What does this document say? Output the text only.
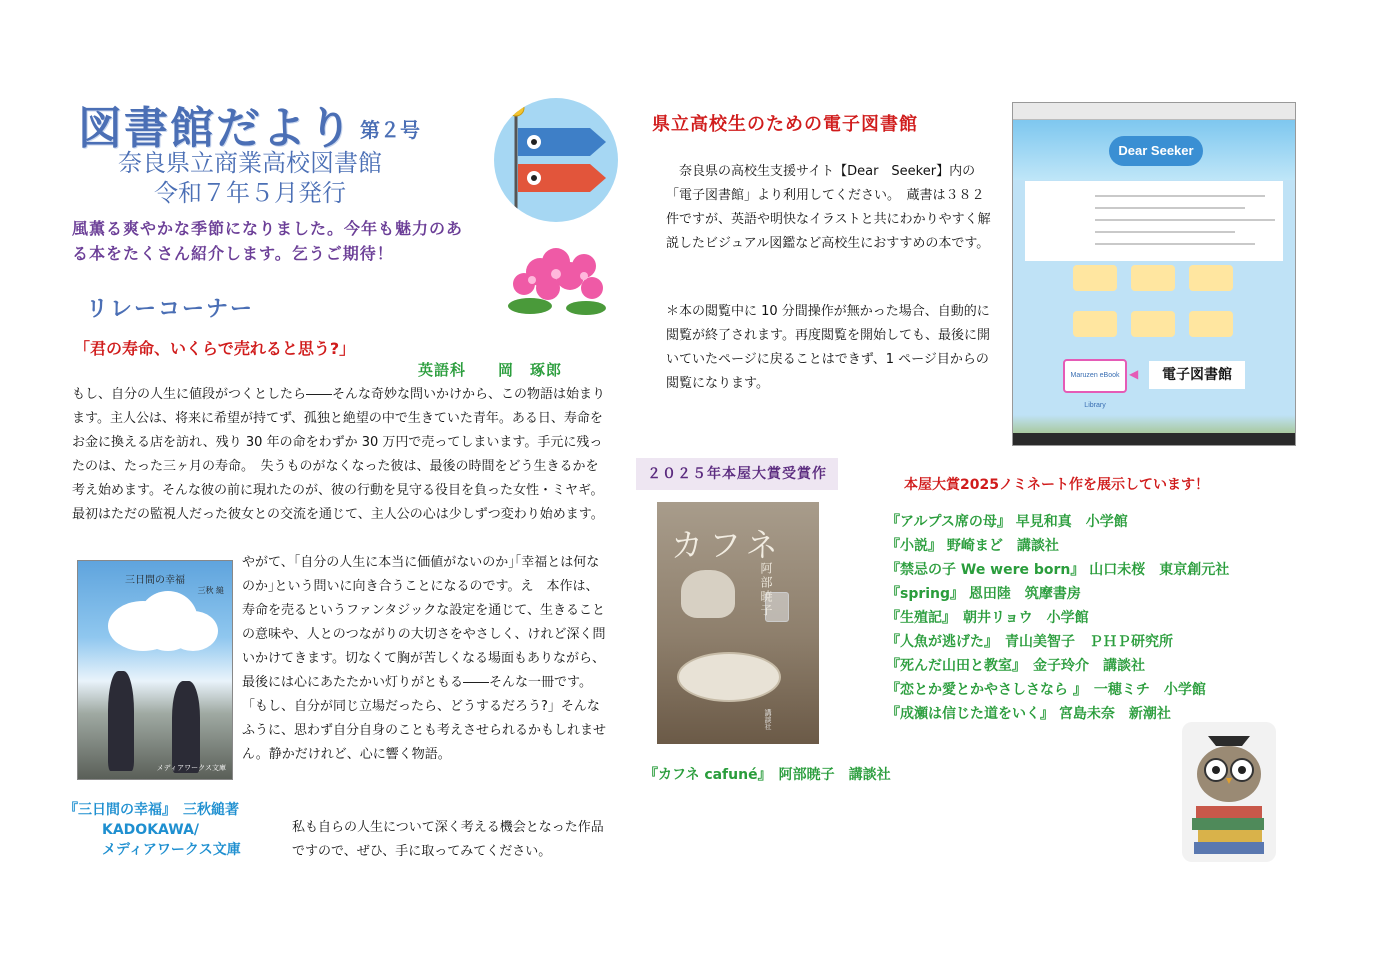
図書館だより 第２号
奈良県立商業高校図書館
令和７年５月発行
風薫る爽やかな季節になりました。今年も魅力のある本をたくさん紹介します。乞うご期待！
リレーコーナー
「君の寿命、いくらで売れると思う?」
英語科　　岡　琢郎
もし、自分の人生に値段がつくとしたら――そんな奇妙な問いかけから、この物語は始まります。主人公は、将来に希望が持てず、孤独と絶望の中で生きていた青年。ある日、寿命をお金に換える店を訪れ、残り 30 年の命をわずか 30 万円で売ってしまいます。手元に残ったのは、たった三ヶ月の寿命。　失うものがなくなった彼は、最後の時間をどう生きるかを考え始めます。そんな彼の前に現れたのが、彼の行動を見守る役目を負った女性・ミヤギ。最初はただの監視人だった彼女との交流を通じて、主人公の心は少しずつ変わり始めます。
三日間の幸福
三秋 縋
メディアワークス文庫
やがて、｢自分の人生に本当に価値がないのか｣｢幸福とは何なのか｣という問いに向き合うことになるのです。え　本作は、寿命を売るというファンタジックな設定を通じて、生きることの意味や、人とのつながりの大切さをやさしく、けれど深く問いかけてきます。切なくて胸が苦しくなる場面もありながら、最後には心にあたたかい灯りがともる――そんな一冊です。　「もし、自分が同じ立場だったら、どうするだろう?」そんなふうに、思わず自分自身のことも考えさせられるかもしれません。静かだけれど、心に響く物語。
『三日間の幸福』　三秋縋著
KADOKAWA/
メディアワークス文庫
私も自らの人生について深く考える機会となった作品ですので、ぜひ、手に取ってみてください。
県立高校生のための電子図書館
　奈良県の高校生支援サイト【Dear　Seeker】内の「電子図書館」より利用してください。　蔵書は３８２件ですが、英語や明快なイラストと共にわかりやすく解説したビジュアル図鑑など高校生におすすめの本です。
＊本の閲覧中に 10 分間操作が無かった場合、自動的に閲覧が終了されます。再度閲覧を開始しても、最後に開いていたページに戻ることはできず、1 ページ目からの閲覧になります。
Dear Seeker
Maruzen eBook Library
◀	電子図書館
２０２５年本屋大賞受賞作
カフネ
阿部暁子
講談社
『カフネ cafuné』　阿部暁子　講談社
本屋大賞2025ノミネート作を展示しています！
『アルプス席の母』 早見和真　小学館
『小説』 野崎まど　講談社
『禁忌の子 We were born』 山口未桜　東京創元社
『spring』 恩田陸　筑摩書房
『生殖記』　朝井リョウ　小学館
『人魚が逃げた』　青山美智子　ＰＨＰ研究所
『死んだ山田と教室』　金子玲介　講談社
『恋とか愛とかやさしさなら 』　一穂ミチ　小学館
『成瀬は信じた道をいく』 宮島未奈　新潮社
